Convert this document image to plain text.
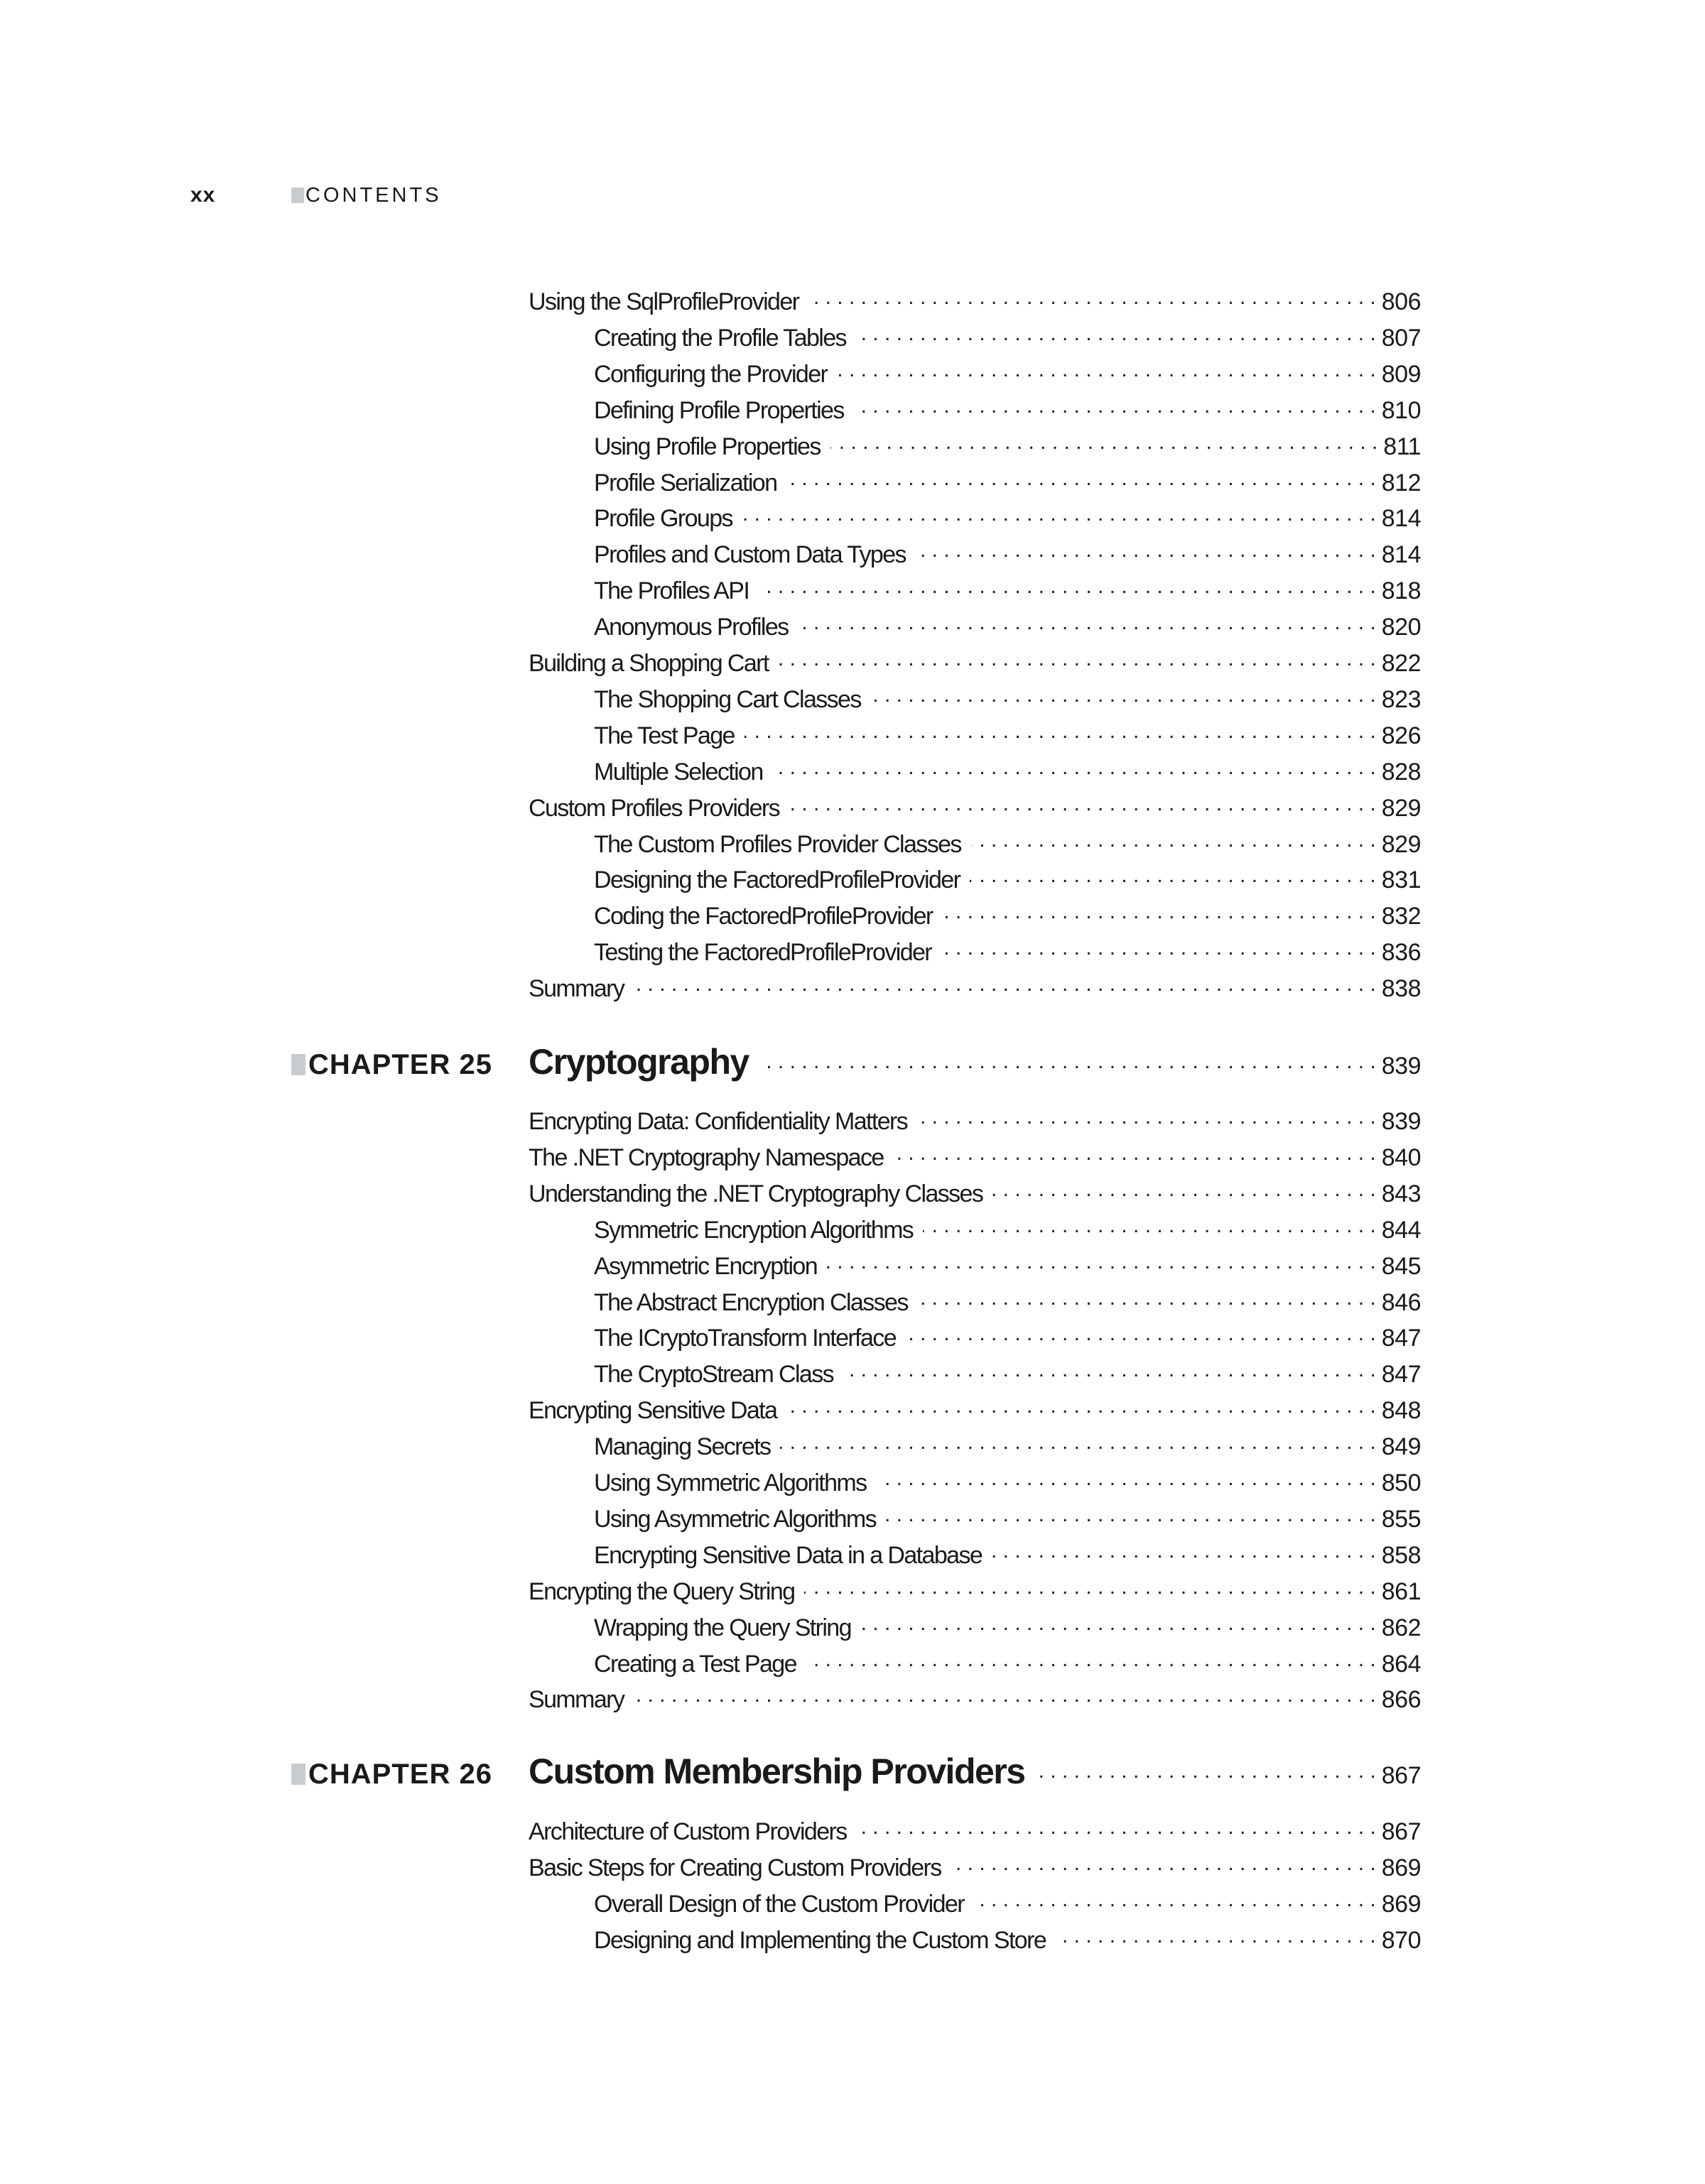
xx	CONTENTS
Using the SqlProfileProvider . . .	806
Creating the Profile Tables . . .	807
Configuring the Provider . . .	809
Defining Profile Properties . . .	810
Using Profile Properties . . .	811
Profile Serialization . . .	812
Profile Groups . . .	814
Profiles and Custom Data Types . . .	814
The Profiles API . . .	818
Anonymous Profiles . . .	820
Building a Shopping Cart . . .	822
The Shopping Cart Classes . . .	823
The Test Page . . .	826
Multiple Selection . . .	828
Custom Profiles Providers . . .	829
The Custom Profiles Provider Classes . . .	829
Designing the FactoredProfileProvider . . .	831
Coding the FactoredProfileProvider . . .	832
Testing the FactoredProfileProvider . . .	836
Summary . . .	838
CHAPTER 25 Cryptography . . .	839
Encrypting Data: Confidentiality Matters . . .	839
The .NET Cryptography Namespace . . .	840
Understanding the .NET Cryptography Classes . . .	843
Symmetric Encryption Algorithms . . .	844
Asymmetric Encryption . . .	845
The Abstract Encryption Classes . . .	846
The ICryptoTransform Interface . . .	847
The CryptoStream Class . . .	847
Encrypting Sensitive Data . . .	848
Managing Secrets . . .	849
Using Symmetric Algorithms . . .	850
Using Asymmetric Algorithms . . .	855
Encrypting Sensitive Data in a Database . . .	858
Encrypting the Query String . . .	861
Wrapping the Query String . . .	862
Creating a Test Page . . .	864
Summary . . .	866
CHAPTER 26 Custom Membership Providers . . .	867
Architecture of Custom Providers . . .	867
Basic Steps for Creating Custom Providers . . .	869
Overall Design of the Custom Provider . . .	869
Designing and Implementing the Custom Store . . .	870
